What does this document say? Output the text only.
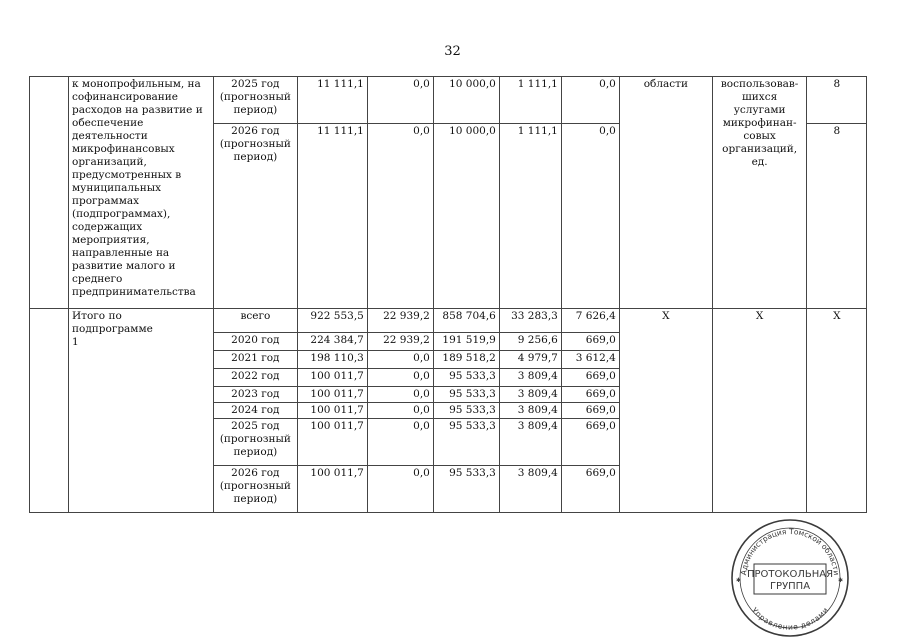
32
	к монопрофильным, на софинансирование расходов на развитие и обеспечение деятельности микрофинансовых организаций, предусмотренных в муниципальных программах (подпрограммах), содержащих мероприятия, направленные на развитие малого и среднего предпринимательства	2025 год (прогнозный период)	11 111,1	0,0	10 000,0	1 111,1	0,0	области	воспользовав-шихся услугами микрофинан-совых организаций, ед.	8
		2026 год (прогнозный период)	11 111,1	0,0	10 000,0	1 111,1	0,0			8
	Итого по подпрограмме 1	всего	922 553,5	22 939,2	858 704,6	33 283,3	7 626,4	X	X	X
		2020 год	224 384,7	22 939,2	191 519,9	9 256,6	669,0			
		2021 год	198 110,3	0,0	189 518,2	4 979,7	3 612,4			
		2022 год	100 011,7	0,0	95 533,3	3 809,4	669,0			
		2023 год	100 011,7	0,0	95 533,3	3 809,4	669,0			
		2024 год	100 011,7	0,0	95 533,3	3 809,4	669,0			
		2025 год (прогнозный период)	100 011,7	0,0	95 533,3	3 809,4	669,0			
		2026 год (прогнозный период)	100 011,7	0,0	95 533,3	3 809,4	669,0			
Администрация Томской области
Управление делами
ПРОТОКОЛЬНАЯ
ГРУППА
✱	✱
